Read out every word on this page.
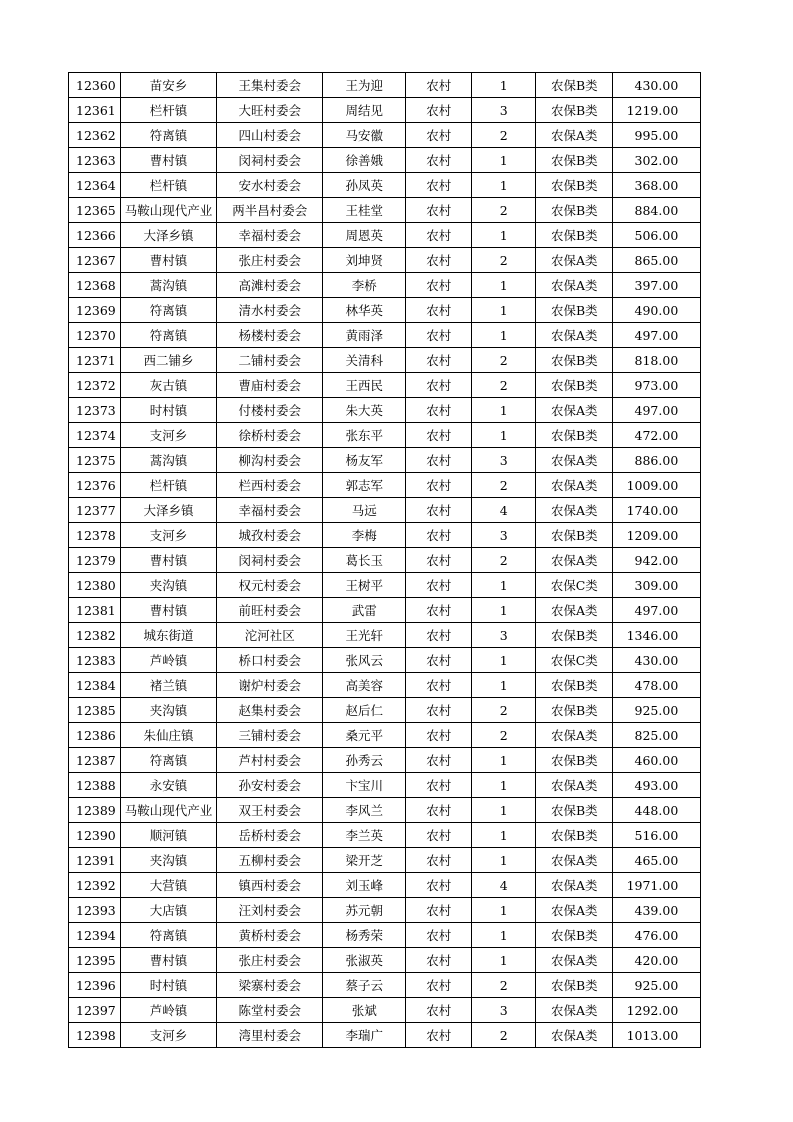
12360	苗安乡	王集村委会	王为迎	农村	1	农保B类	430.00
12361	栏杆镇	大旺村委会	周结见	农村	3	农保B类	1219.00
12362	符离镇	四山村委会	马安徽	农村	2	农保A类	995.00
12363	曹村镇	闵祠村委会	徐善娥	农村	1	农保B类	302.00
12364	栏杆镇	安水村委会	孙凤英	农村	1	农保B类	368.00
12365	马鞍山现代产业	两半昌村委会	王桂堂	农村	2	农保B类	884.00
12366	大泽乡镇	幸福村委会	周恩英	农村	1	农保B类	506.00
12367	曹村镇	张庄村委会	刘坤贤	农村	2	农保A类	865.00
12368	蒿沟镇	高滩村委会	李桥	农村	1	农保A类	397.00
12369	符离镇	清水村委会	林华英	农村	1	农保B类	490.00
12370	符离镇	杨楼村委会	黄雨泽	农村	1	农保A类	497.00
12371	西二铺乡	二铺村委会	关清科	农村	2	农保B类	818.00
12372	灰古镇	曹庙村委会	王西民	农村	2	农保B类	973.00
12373	时村镇	付楼村委会	朱大英	农村	1	农保A类	497.00
12374	支河乡	徐桥村委会	张东平	农村	1	农保B类	472.00
12375	蒿沟镇	柳沟村委会	杨友军	农村	3	农保A类	886.00
12376	栏杆镇	栏西村委会	郭志军	农村	2	农保A类	1009.00
12377	大泽乡镇	幸福村委会	马远	农村	4	农保A类	1740.00
12378	支河乡	城孜村委会	李梅	农村	3	农保B类	1209.00
12379	曹村镇	闵祠村委会	葛长玉	农村	2	农保A类	942.00
12380	夹沟镇	权元村委会	王树平	农村	1	农保C类	309.00
12381	曹村镇	前旺村委会	武雷	农村	1	农保A类	497.00
12382	城东街道	沱河社区	王光轩	农村	3	农保B类	1346.00
12383	芦岭镇	桥口村委会	张风云	农村	1	农保C类	430.00
12384	褚兰镇	谢炉村委会	高美容	农村	1	农保B类	478.00
12385	夹沟镇	赵集村委会	赵后仁	农村	2	农保B类	925.00
12386	朱仙庄镇	三铺村委会	桑元平	农村	2	农保A类	825.00
12387	符离镇	芦村村委会	孙秀云	农村	1	农保B类	460.00
12388	永安镇	孙安村委会	卞宝川	农村	1	农保A类	493.00
12389	马鞍山现代产业	双王村委会	李风兰	农村	1	农保B类	448.00
12390	顺河镇	岳桥村委会	李兰英	农村	1	农保B类	516.00
12391	夹沟镇	五柳村委会	梁开芝	农村	1	农保A类	465.00
12392	大营镇	镇西村委会	刘玉峰	农村	4	农保A类	1971.00
12393	大店镇	汪刘村委会	苏元朝	农村	1	农保A类	439.00
12394	符离镇	黄桥村委会	杨秀荣	农村	1	农保B类	476.00
12395	曹村镇	张庄村委会	张淑英	农村	1	农保A类	420.00
12396	时村镇	梁寨村委会	蔡子云	农村	2	农保B类	925.00
12397	芦岭镇	陈堂村委会	张斌	农村	3	农保A类	1292.00
12398	支河乡	湾里村委会	李瑞广	农村	2	农保A类	1013.00
